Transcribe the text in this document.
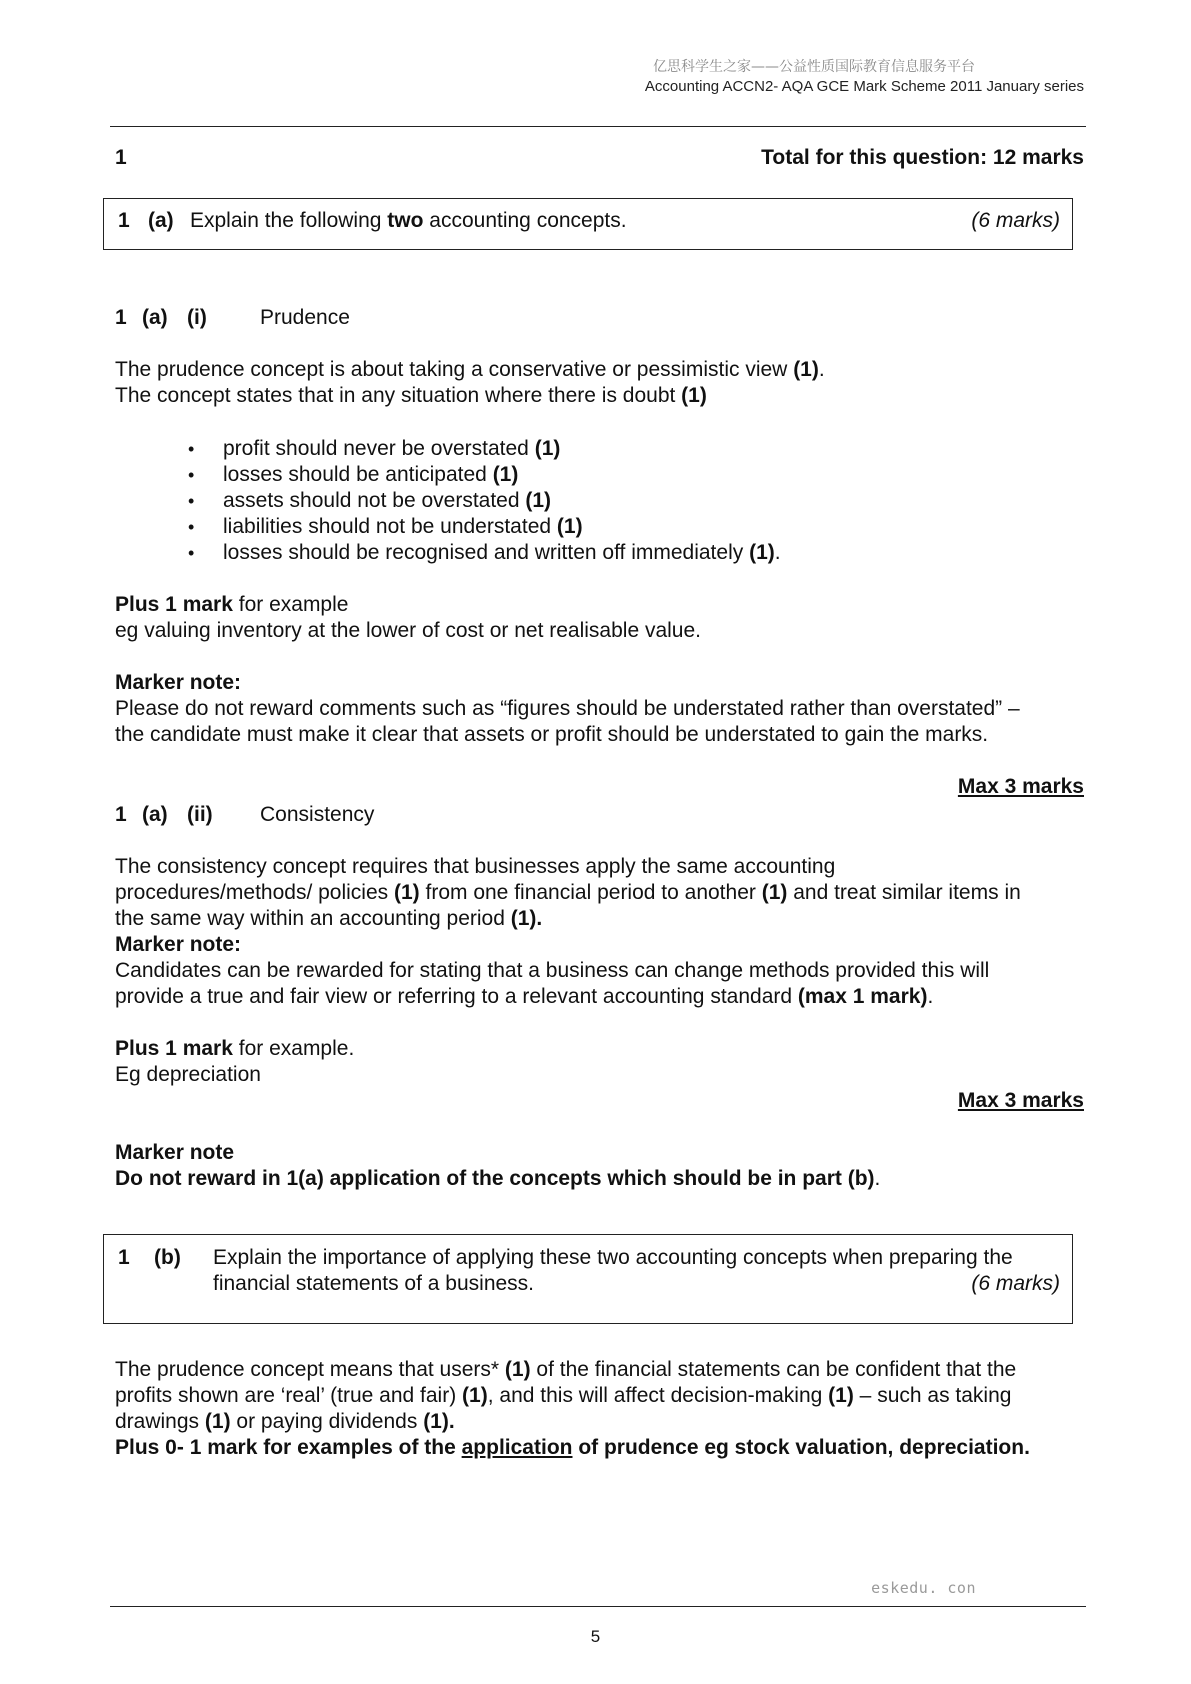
亿思科学生之家——公益性质国际教育信息服务平台
Accounting ACCN2- AQA GCE Mark Scheme 2011 January series
1	Total for this question: 12 marks
1 (a) Explain the following two accounting concepts.	(6 marks)
1 (a) (i)	Prudence
The prudence concept is about taking a conservative or pessimistic view (1).
The concept states that in any situation where there is doubt (1)
• profit should never be overstated (1)
• losses should be anticipated (1)
• assets should not be overstated (1)
• liabilities should not be understated (1)
• losses should be recognised and written off immediately (1).
Plus 1 mark for example
eg valuing inventory at the lower of cost or net realisable value.
Marker note:
Please do not reward comments such as “figures should be understated rather than overstated” –
the candidate must make it clear that assets or profit should be understated to gain the marks.
Max 3 marks
1 (a) (ii) Consistency
The consistency concept requires that businesses apply the same accounting
procedures/methods/ policies (1) from one financial period to another (1) and treat similar items in
the same way within an accounting period (1).
Marker note:
Candidates can be rewarded for stating that a business can change methods provided this will
provide a true and fair view or referring to a relevant accounting standard (max 1 mark).
Plus 1 mark for example.
Eg depreciation
Max 3 marks
Marker note
Do not reward in 1(a) application of the concepts which should be in part (b).
1 (b) Explain the importance of applying these two accounting concepts when preparing the
financial statements of a business.	(6 marks)
The prudence concept means that users* (1) of the financial statements can be confident that the
profits shown are ‘real’ (true and fair) (1), and this will affect decision-making (1) – such as taking
drawings (1) or paying dividends (1).
Plus 0- 1 mark for examples of the application of prudence eg stock valuation, depreciation.
eskedu. con
5
